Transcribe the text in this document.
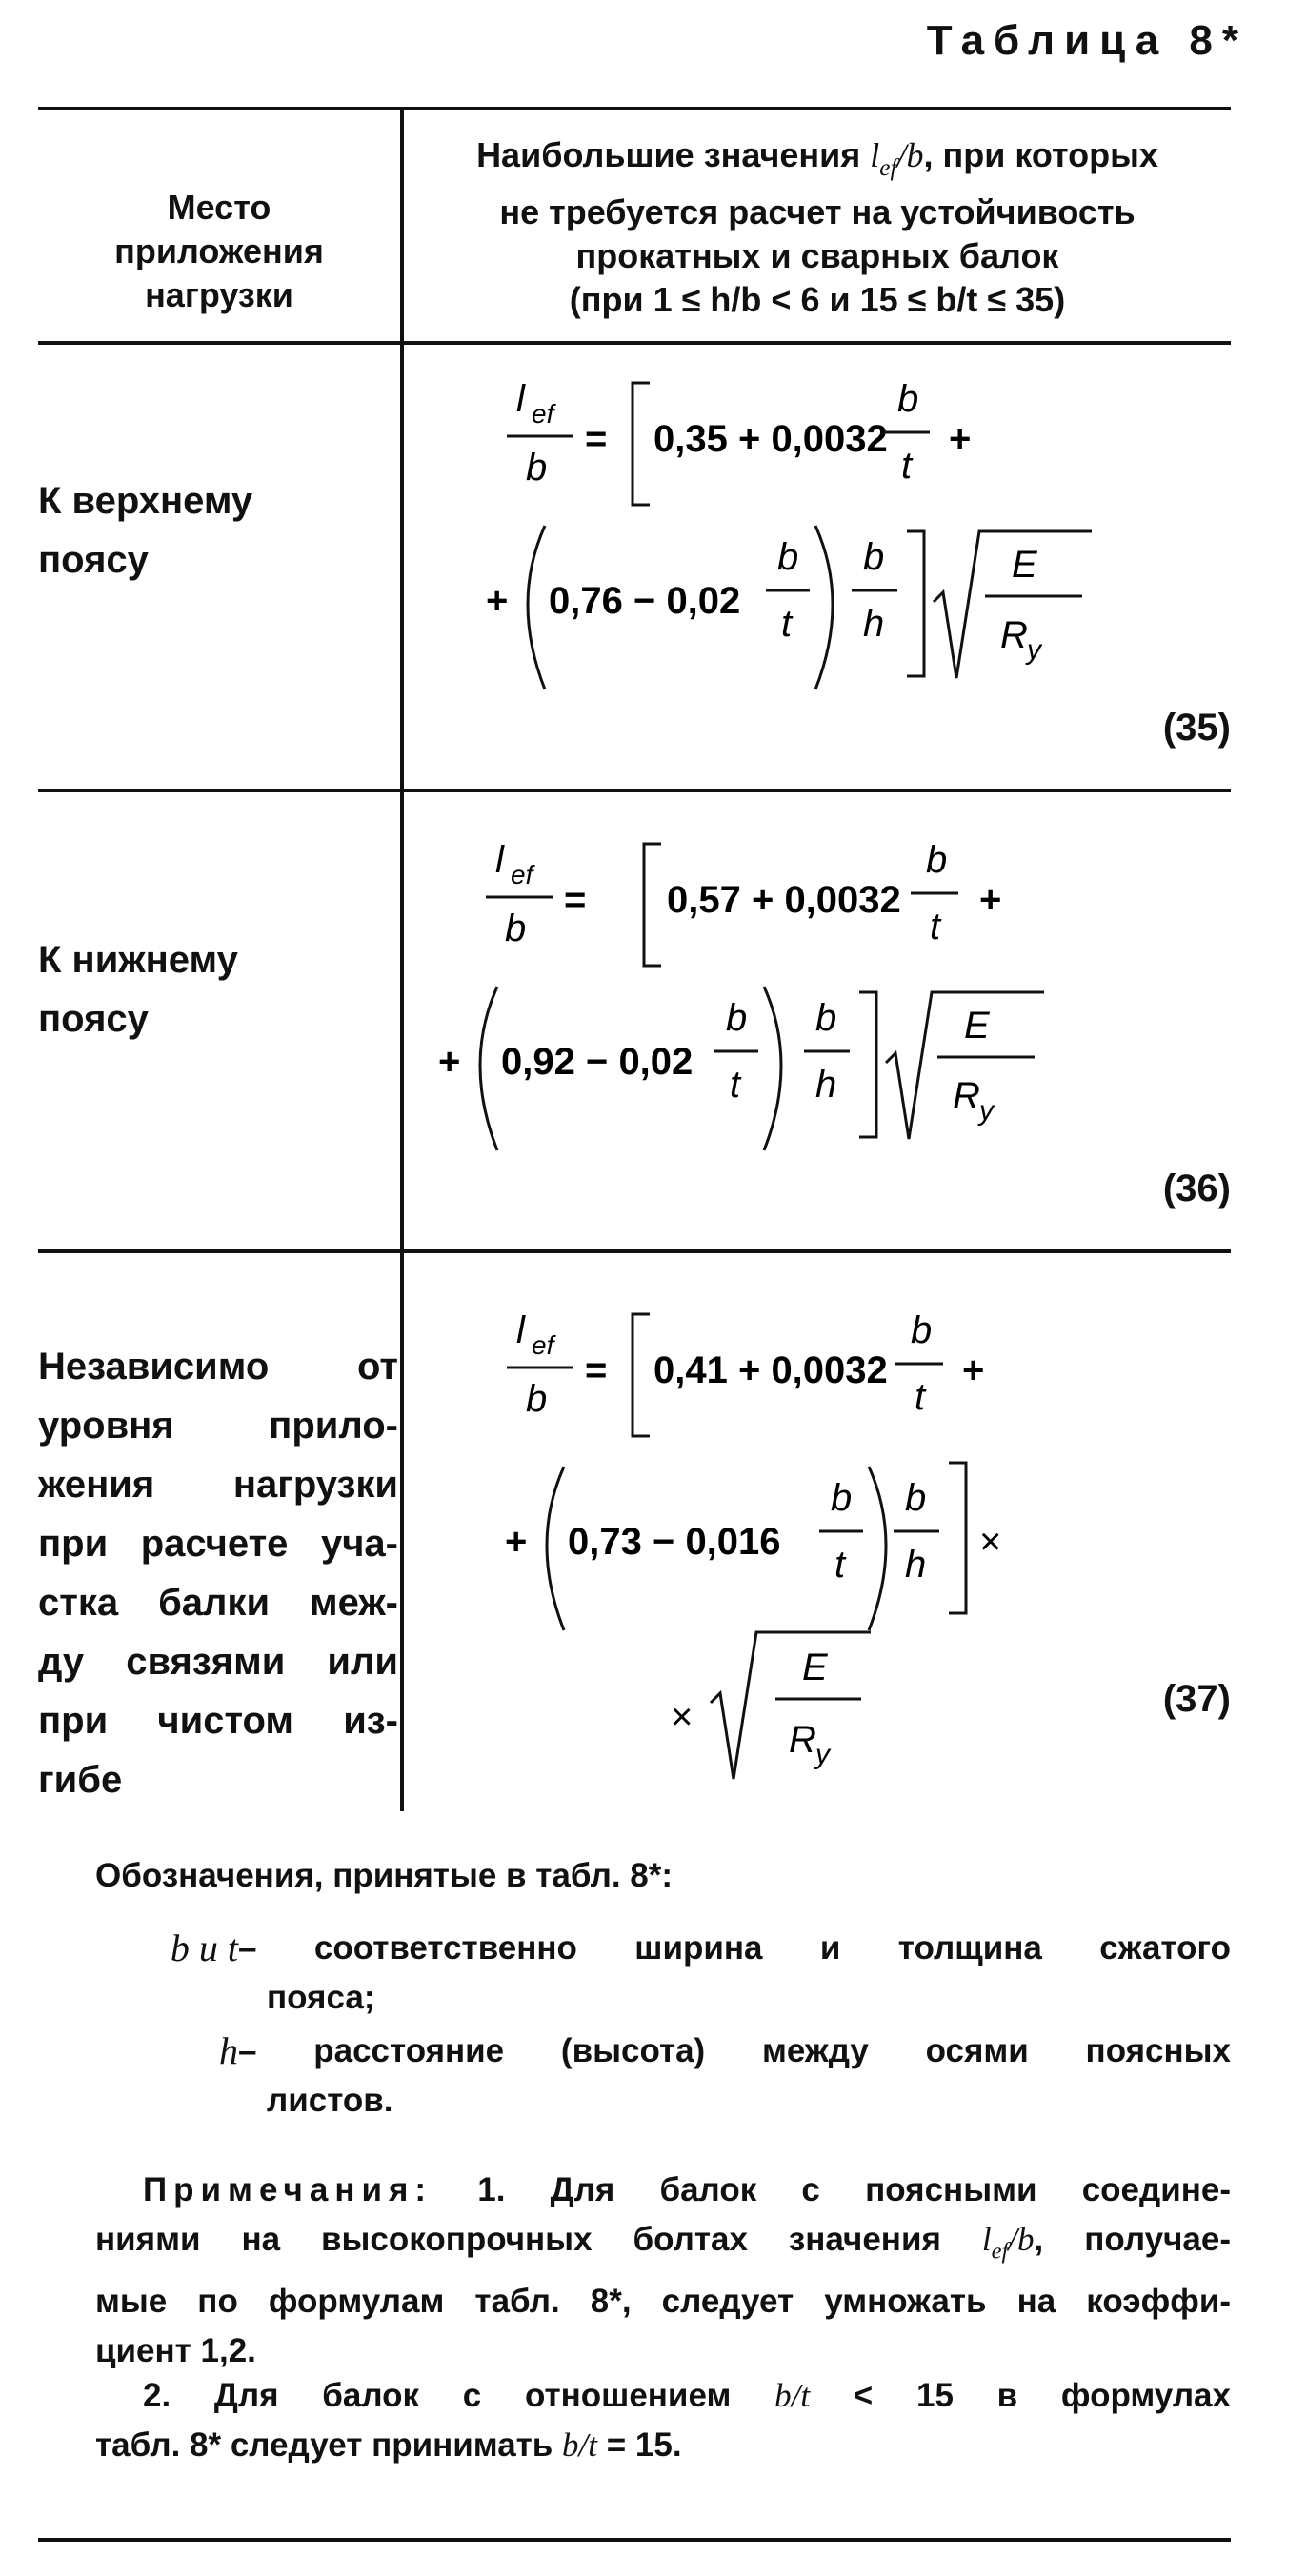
Таблица 8*
Место
приложения
нагрузки
Наибольшие значения $l_{ef}/b$, при которых
не требуется расчет на устойчивость
прокатных и сварных балок
(при 1 ≤ h/b < 6 и 15 ≤ b/t ≤ 35)
К верхнему
поясу
l ef
b
= 0,35 + 0,0032
b
t
+
+ 0,76 − 0,02
b
t
b
h
E
R y
(35)
К нижнему
поясу
l ef
b
= 0,57 + 0,0032
b
t
+
+ 0,92 − 0,02
b
t
b
h
E
R y
(36)
Независимо от
уровня прило-
жения нагрузки
при расчете уча-
стка балки меж-
ду связями или
при чистом из-
гибе
l ef
b
= 0,41 + 0,0032
b
t
+
+ 0,73 − 0,016
b
t
b
h
×
×
E
R y
(37)
Обозначения, принятые в табл. 8*:
b и t – соответственно ширина и толщина сжатого
пояса;
h – расстояние (высота) между осями поясных
листов.
Примечания: 1. Для балок с поясными соедине-
ниями на высокопрочных болтах значения $l_{ef}/b$, получае-
мые по формулам табл. 8*, следует умножать на коэффи-
циент 1,2.
2. Для балок с отношением b/t < 15 в формулах
табл. 8* следует принимать b/t = 15.
